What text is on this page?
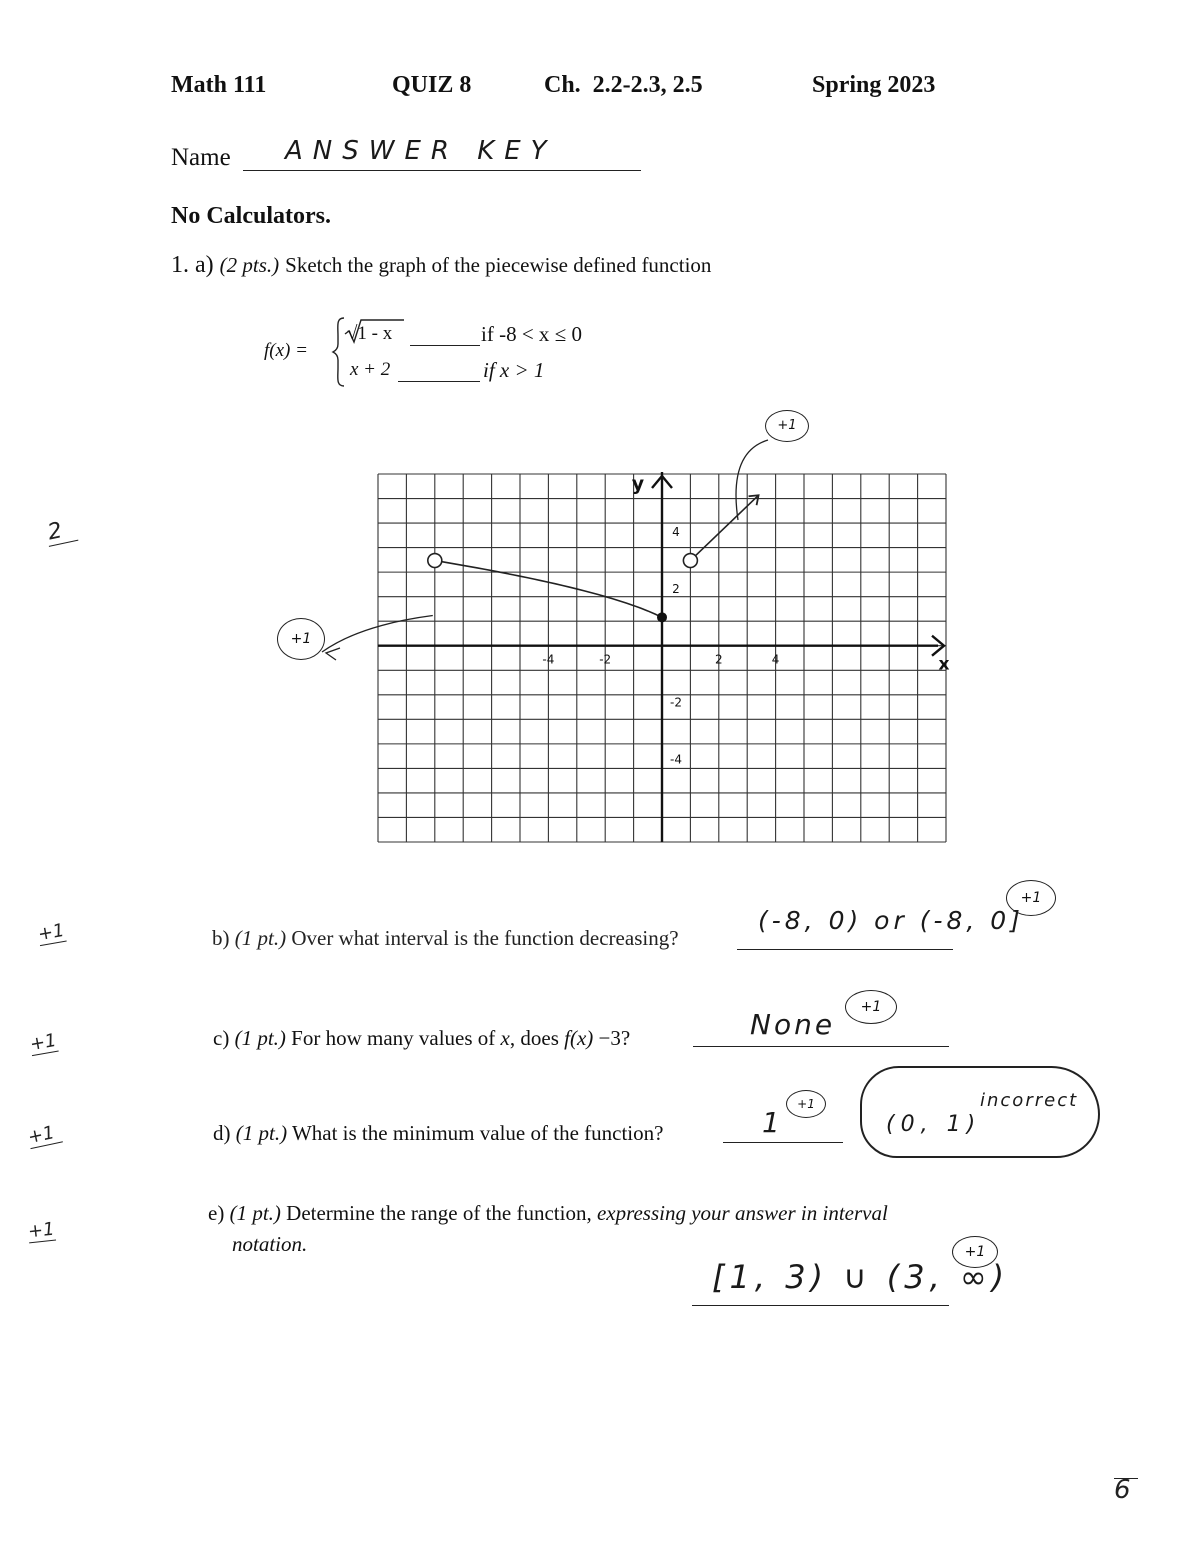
Math 111	QUIZ 8	Ch.  2.2-2.3, 2.5	Spring 2023
Name ANSWER KEY
No Calculators.
1. a) (2 pts.) Sketch the graph of the piecewise defined function
f(x) =
√1 - x	if -8 < x ≤ 0
x + 2	if x > 1
-4	-2	2	4
4
2
-2
-4
x
y
+1
+1
b) (1 pt.) Over what interval is the function decreasing?
(-8, 0) or (-8, 0]
+1
c) (1 pt.) For how many values of x, does f(x) −3?	None
+1
d) (1 pt.) What is the minimum value of the function?	1
+1
(0, 1)
incorrect
e) (1 pt.) Determine the range of the function, expressing your answer in interval
notation.
[1, 3) ∪ (3, ∞)
+1
2
+1
+1
+1
+1
6
